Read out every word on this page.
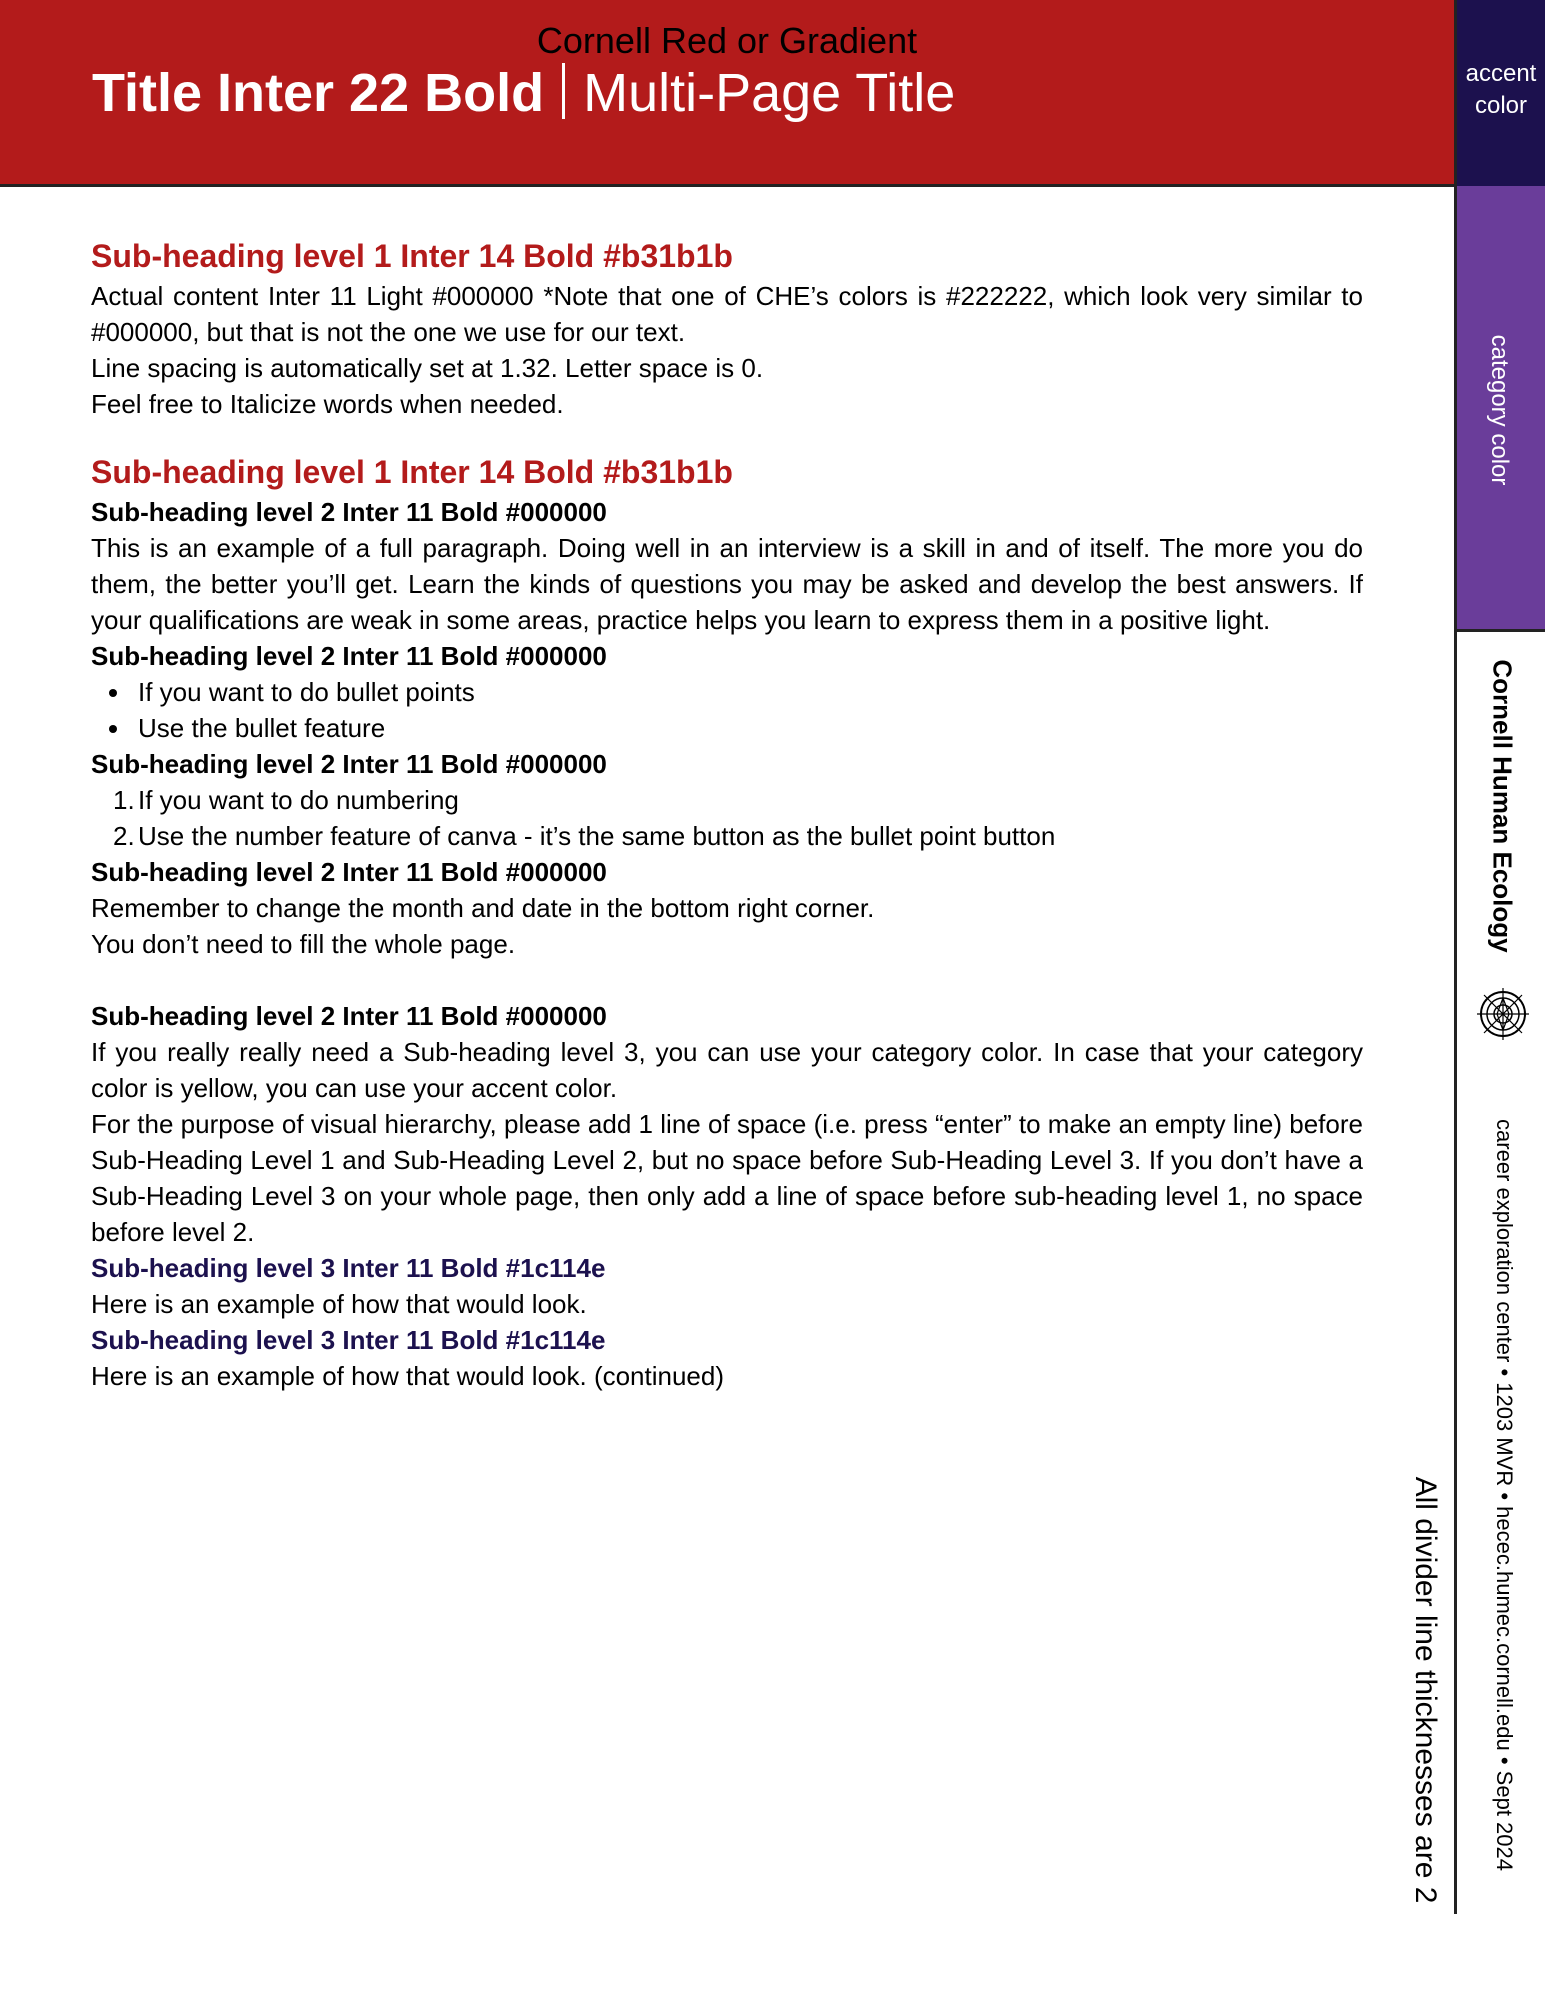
Cornell Red or Gradient
Title Inter 22 Bold Multi-Page Title	accent
color
category color
Cornell Human Ecology
career exploration center • 1203 MVR • hecec.humec.cornell.edu • Sept 2024
All divider line thicknesses are 2
Sub-heading level 1 Inter 14 Bold #b31b1b

Actual content Inter 11 Light #000000 *Note that one of CHE’s colors is #222222, which look very similar to #000000, but that is not the one we use for our text.

Line spacing is automatically set at 1.32. Letter space is 0.

Feel free to Italicize words when needed.

Sub-heading level 1 Inter 14 Bold #b31b1b
Sub-heading level 2 Inter 11 Bold #000000

This is an example of a full paragraph. Doing well in an interview is a skill in and of itself. The more you do them, the better you’ll get. Learn the kinds of questions you may be asked and develop the best answers. If your qualifications are weak in some areas, practice helps you learn to express them in a positive light.

Sub-heading level 2 Inter 11 Bold #000000
If you want to do bullet points
Use the bullet feature
Sub-heading level 2 Inter 11 Bold #000000
1. If you want to do numbering
2. Use the number feature of canva - it’s the same button as the bullet point button
Sub-heading level 2 Inter 11 Bold #000000

Remember to change the month and date in the bottom right corner.

You don’t need to fill the whole page.

Sub-heading level 2 Inter 11 Bold #000000

If you really really need a Sub-heading level 3, you can use your category color. In case that your category color is yellow, you can use your accent color.

For the purpose of visual hierarchy, please add 1 line of space (i.e. press “enter” to make an empty line) before Sub-Heading Level 1 and Sub-Heading Level 2, but no space before Sub-Heading Level 3. If you don’t have a Sub-Heading Level 3 on your whole page, then only add a line of space before sub-heading level 1, no space before level 2.

Sub-heading level 3 Inter 11 Bold #1c114e

Here is an example of how that would look.

Sub-heading level 3 Inter 11 Bold #1c114e

Here is an example of how that would look. (continued)
